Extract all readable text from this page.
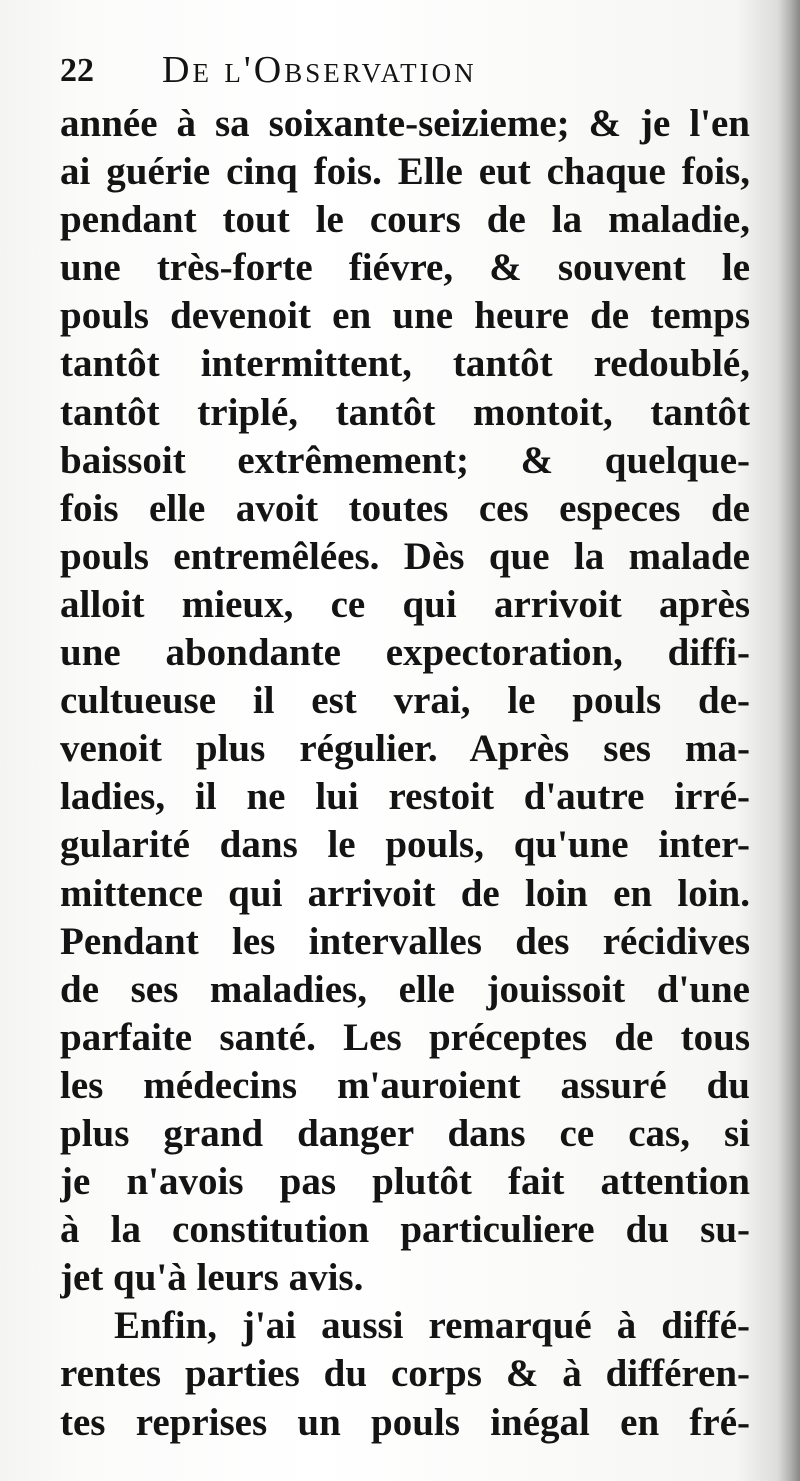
22 De l'Observation
année à sa soixante-seizieme; & je l'en
ai guérie cinq fois. Elle eut chaque fois,
pendant tout le cours de la maladie,
une très-forte fiévre, & souvent le
pouls devenoit en une heure de temps
tantôt intermittent, tantôt redoublé,
tantôt triplé, tantôt montoit, tantôt
baissoit extrêmement; & quelque-
fois elle avoit toutes ces especes de
pouls entremêlées. Dès que la malade
alloit mieux, ce qui arrivoit après
une abondante expectoration, diffi-
cultueuse il est vrai, le pouls de-
venoit plus régulier. Après ses ma-
ladies, il ne lui restoit d'autre irré-
gularité dans le pouls, qu'une inter-
mittence qui arrivoit de loin en loin.
Pendant les intervalles des récidives
de ses maladies, elle jouissoit d'une
parfaite santé. Les préceptes de tous
les médecins m'auroient assuré du
plus grand danger dans ce cas, si
je n'avois pas plutôt fait attention
à la constitution particuliere du su-
jet qu'à leurs avis.
Enfin, j'ai aussi remarqué à diffé-
rentes parties du corps & à différen-
tes reprises un pouls inégal en fré-
